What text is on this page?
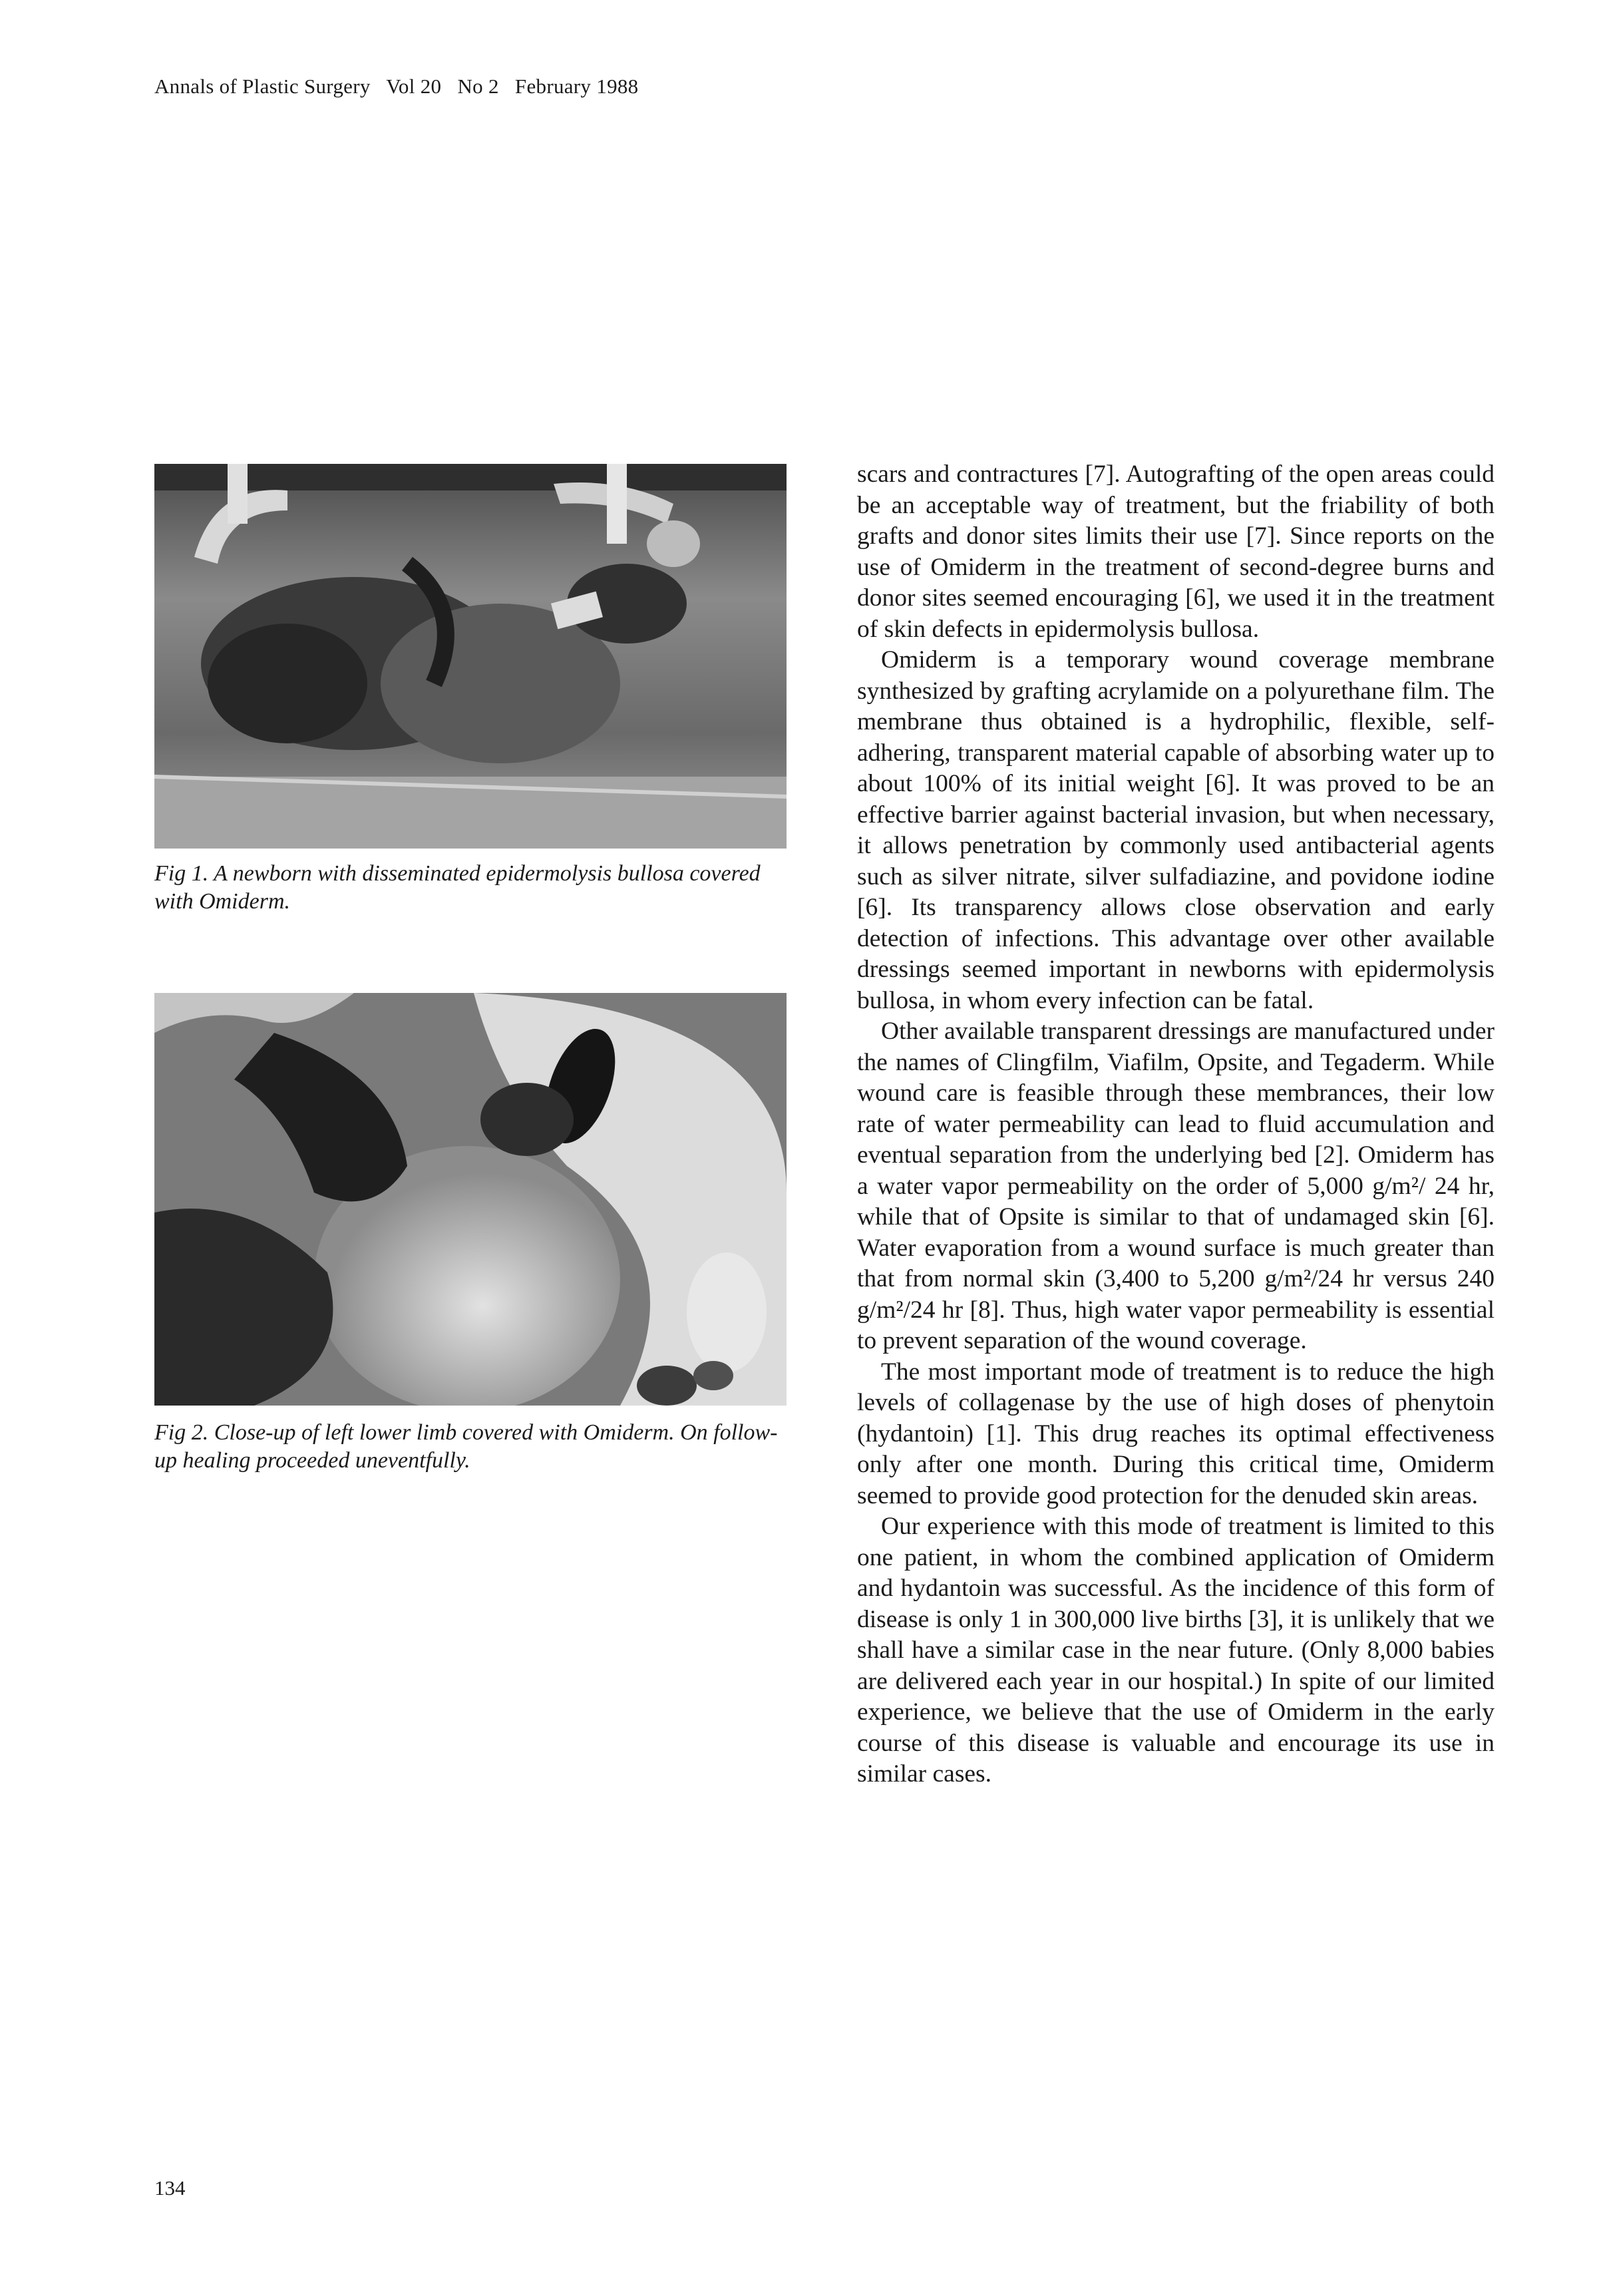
Annals of Plastic Surgery   Vol 20   No 2   February 1988
Fig 1. A newborn with disseminated epidermolysis bullosa covered with Omiderm.
Fig 2. Close-up of left lower limb covered with Omiderm. On follow-up healing proceeded uneventfully.

scars and contractures [7]. Autografting of the open areas could be an acceptable way of treatment, but the friability of both grafts and donor sites limits their use [7]. Since reports on the use of Omiderm in the treatment of second-degree burns and donor sites seemed encouraging [6], we used it in the treatment of skin defects in epidermolysis bullosa.

Omiderm is a temporary wound coverage membrane synthesized by grafting acrylamide on a polyurethane film. The membrane thus obtained is a hydrophilic, flexible, self-adhering, transparent material capable of absorbing water up to about 100% of its initial weight [6]. It was proved to be an effective barrier against bacterial invasion, but when necessary, it allows penetration by commonly used antibacterial agents such as silver nitrate, silver sulfadiazine, and povidone iodine [6]. Its transparency allows close observation and early detection of infections. This advantage over other available dressings seemed important in newborns with epidermolysis bullosa, in whom every infection can be fatal.

Other available transparent dressings are manufactured under the names of Clingfilm, Viafilm, Opsite, and Tegaderm. While wound care is feasible through these membrances, their low rate of water permeability can lead to fluid accumulation and eventual separation from the underlying bed [2]. Omiderm has a water vapor permeability on the order of 5,000 g/m²/ 24 hr, while that of Opsite is similar to that of undamaged skin [6]. Water evaporation from a wound surface is much greater than that from normal skin (3,400 to 5,200 g/m²/24 hr versus 240 g/m²/24 hr [8]. Thus, high water vapor permeability is essential to prevent separation of the wound coverage.

The most important mode of treatment is to reduce the high levels of collagenase by the use of high doses of phenytoin (hydantoin) [1]. This drug reaches its optimal effectiveness only after one month. During this critical time, Omiderm seemed to provide good protection for the denuded skin areas.

Our experience with this mode of treatment is limited to this one patient, in whom the combined application of Omiderm and hydantoin was successful. As the incidence of this form of disease is only 1 in 300,000 live births [3], it is unlikely that we shall have a similar case in the near future. (Only 8,000 babies are delivered each year in our hospital.) In spite of our limited experience, we believe that the use of Omiderm in the early course of this disease is valuable and encourage its use in similar cases.

134
